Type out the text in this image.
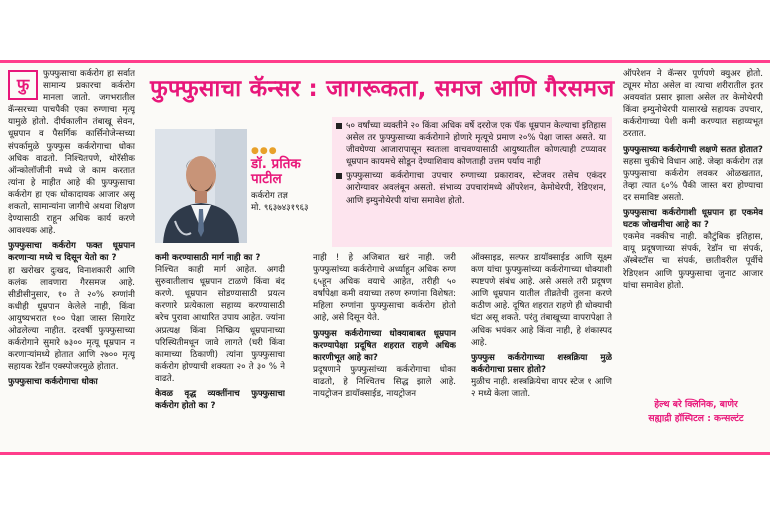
फु

फुफ्फुसाचा कर्करोग हा सर्वात सामान्य प्रकारचा कर्करोग मानला जातो. जगभरातील कॅन्सरच्या पाचपैकी एका रुग्णाचा मृत्यू यामुळे होतो. दीर्घकालीन तंबाखू सेवन, धूम्रपान व पैसर्गिक कार्सिनोजेन्सच्या संपर्कामुळे फुफ्फुस कर्करोगाचा धोका अधिक वाढतो. निश्चितपणे, थोरॅसीक ऑन्कोलॉजीनी मध्ये जे काम करतात त्यांना हे माहीत आहे की फुफ्फुसाचा कर्करोग हा एक धोकादायक आजार असू शकतो, सामान्यांना जागीचे अथवा शिक्षण देण्यासाठी राहून अधिक कार्य करणे आवश्यक आहे.

फुफ्फुसाचा कर्करोग फक्त धूम्रपान करणाऱ्या मध्ये च दिसून येतो का ?

हा खरोखर दुःखद, विनाशकारी आणि कलंक लावणारा गैरसमज आहे. सीडीसीनुसार, १० ते २०% रुग्णांनी कधीही धूम्रपान केलेले नाही, किंवा आयुष्यभरात १०० पेक्षा जास्त सिगारेट ओढलेल्या नाहीत. दरवर्षी फुफ्फुसाच्या कर्करोगाने सुमारे ७३०० मृत्यू धूम्रपान न करणाऱ्यांमध्ये होतात आणि २७०० मृत्यू सहायक रेडॉन एक्स्पोजरमुळे होतात.

फुफ्फुसाचा कर्करोगाचा धोका

फुफ्फुसाचा कॅन्सर : जागरूकता, समज आणि गैरसमज
●●●
डॉ. प्रतिक
पाटील
कर्करोग तज्ञ
मो. ९६३७४३१९६३
५० वर्षांच्या व्यक्तीने २० किंवा अधिक वर्षे दररोज एक पॅक धूम्रपान केल्याचा इतिहास असेल तर फुफ्फुसाच्या कर्करोगाने होणारे मृत्यूचे प्रमाण २०% पेक्षा जास्त असते. या जीवघेण्या आजारापासून स्वतःला वाचवण्यासाठी आयुष्यातील कोणत्याही टप्प्यावर धूम्रपान कायमचे सोडून देण्याशिवाय कोणताही उत्तम पर्याय नाही
फुफ्फुसाच्या कर्करोगाचा उपचार रुग्णाच्या प्रकारावर, स्टेजवर तसेच एकंदर आरोग्यावर अवलंबून असतो. संभाव्य उपचारांमध्ये ऑपरेशन, केमोथेरपी, रेडिएशन, आणि इम्युनोथेरपी यांचा समावेश होतो.

कमी करण्यासाठी मार्ग नाही का ?

निश्चित काही मार्ग आहेत. अगदी सुरुवातीलाच धूम्रपान टाळणे किंवा बंद करणे. धूम्रपान सोडण्यासाठी प्रयत्न करणारे प्रत्येकाला सहाय्य करण्यासाठी बरेच पुरावा आधारित उपाय आहेत. ज्यांना अप्रत्यक्ष किंवा निष्क्रिय धूम्रपानाच्या परिस्थितीमधून जावे लागते (घरी किंवा कामाच्या ठिकाणी) त्यांना फुफ्फुसाचा कर्करोग होण्याची शक्यता २० ते ३० % ने वाढते.

केवळ वृद्ध व्यक्तींनाच फुफ्फुसाचा कर्करोग होतो का ?

नाही ! हे अजिबात खरं नाही. जरी फुफ्फुसांच्या कर्करोगाचे अर्ध्याहून अधिक रुग्ण ६५हून अधिक वयाचे आहेत, तरीही ५० वर्षांपेक्षा कमी वयाच्या तरुण रुग्णांना विशेषत: महिला रुग्णांना फुफ्फुसाचा कर्करोग होतो आहे, असे दिसून येते.

फुफ्फुस कर्करोगाच्या धोक्याबाबत धूम्रपान करण्यापेक्षा प्रदूषित शहरात राहणे अधिक कारणीभूत आहे का?

प्रदूषणाने फुफ्फुसांच्या कर्करोगाचा धोका वाढतो, हे निश्चितच सिद्ध झाले आहे. नायट्रोजन डायॉक्साईड, नायट्रोजन

ऑक्साइड, सल्फर डायॉक्साईड आणि सूक्ष्म कण यांचा फुफ्फुसांच्या कर्करोगाच्या धोक्याशी स्पष्टपणे संबंध आहे. असे असले तरी प्रदूषण आणि धूम्रपान यातील तीव्रतेची तुलना करणे कठीण आहे. दूषित शहरात राहणे ही धोक्याची घंटा असू शकते. परंतु तंबाखूच्या वापरापेक्षा ते अधिक भयंकर आहे किंवा नाही, हे शंकास्पद आहे.

फुफ्फुस कर्करोगाच्या शस्त्रक्रिया मुळे कर्करोगाचा प्रसार होतो?

मुळीच नाही. शस्त्रक्रियेचा वापर स्टेज १ आणि २ मध्ये केला जातो.

ऑपरेशन ने कॅन्सर पूर्णपणे क्युअर होतो. ट्यूमर मोठा असेल वा त्याचा शरीरातील इतर अवयवांत प्रसार झाला असेल तर केमोथेरपी किंवा इम्युनोथेरपी यासारखे सहायक उपचार, कर्करोगाच्या पेशी कमी करण्यात सहाय्यभूत ठरतात.

फुफ्फुसाच्या कर्करोगाची लक्षणे सतत होतात?

सहसा चुकीचे विधान आहे. जेव्हा कर्करोग तज्ञ फुफ्फुसाचा कर्करोग लवकर ओळखतात, तेव्हा त्यात ६०% पैकी जास्त बरा होण्याचा दर समाविष्ट असतो.

फुफ्फुसाचा कर्करोगाशी धूम्रपान हा एकमेव घटक जोखमीचा आहे का ?

एकमेव नक्कीच नाही. कौटुंबिक इतिहास, वायू प्रदूषणाच्या संपर्क, रेडॉन चा संपर्क, अ‍ॅस्बेस्टॉस चा संपर्क, छातीवरील पूर्वीचे रेडिएशन आणि फुफ्फुसाचा जुनाट आजार यांचा समावेश होतो.

हेल्थ बरे क्लिनिक, बाणेर

सह्याद्री हॉस्पिटल : कन्सल्टंट
